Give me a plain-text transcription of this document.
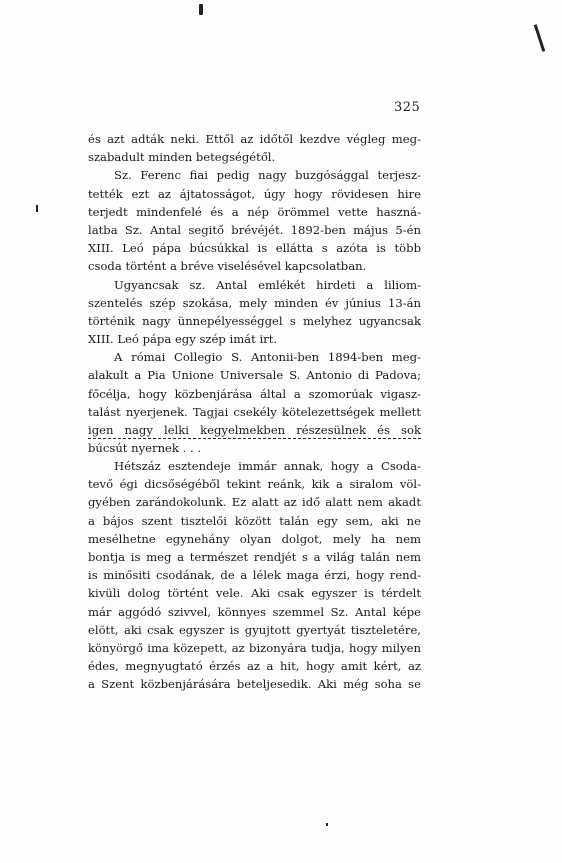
325
és azt adták neki. Ettől az időtől kezdve végleg meg-
szabadult minden betegségétől.
Sz. Ferenc fiai pedig nagy buzgósággal terjesz-
tették ezt az ájtatosságot, úgy hogy rövidesen hire
terjedt mindenfelé és a nép örömmel vette haszná-
latba Sz. Antal segitő brévéjét. 1892-ben május 5-én
XIII. Leó pápa búcsúkkal is ellátta s azóta is több
csoda történt a bréve viselésével kapcsolatban.
Ugyancsak sz. Antal emlékét hirdeti a liliom-
szentelés szép szokása, mely minden év június 13-án
történik nagy ünnepélyességgel s melyhez ugyancsak
XIII. Leó pápa egy szép imát irt.
A római Collegio S. Antonii-ben 1894-ben meg-
alakult a Pia Unione Universale S. Antonio di Padova;
főcélja, hogy közbenjárása által a szomorúak vigasz-
talást nyerjenek. Tagjai csekély kötelezettségek mellett
igen nagy lelki kegyelmekben részesülnek és sok
búcsút nyernek . . .
Hétszáz esztendeje immár annak, hogy a Csoda-
tevő égi dicsőségéből tekint reánk, kik a siralom völ-
gyében zarándokolunk. Ez alatt az idő alatt nem akadt
a bájos szent tisztelői között talán egy sem, aki ne
mesélhetne egynehány olyan dolgot, mely ha nem
bontja is meg a természet rendjét s a világ talán nem
is minősiti csodának, de a lélek maga érzi, hogy rend-
kivüli dolog történt vele. Aki csak egyszer is térdelt
már aggódó szivvel, könnyes szemmel Sz. Antal képe
elött, aki csak egyszer is gyujtott gyertyát tiszteletére,
könyörgő ima közepett, az bizonyára tudja, hogy milyen
édes, megnyugtató érzés az a hit, hogy amit kért, az
a Szent közbenjárására beteljesedik. Aki még soha se
